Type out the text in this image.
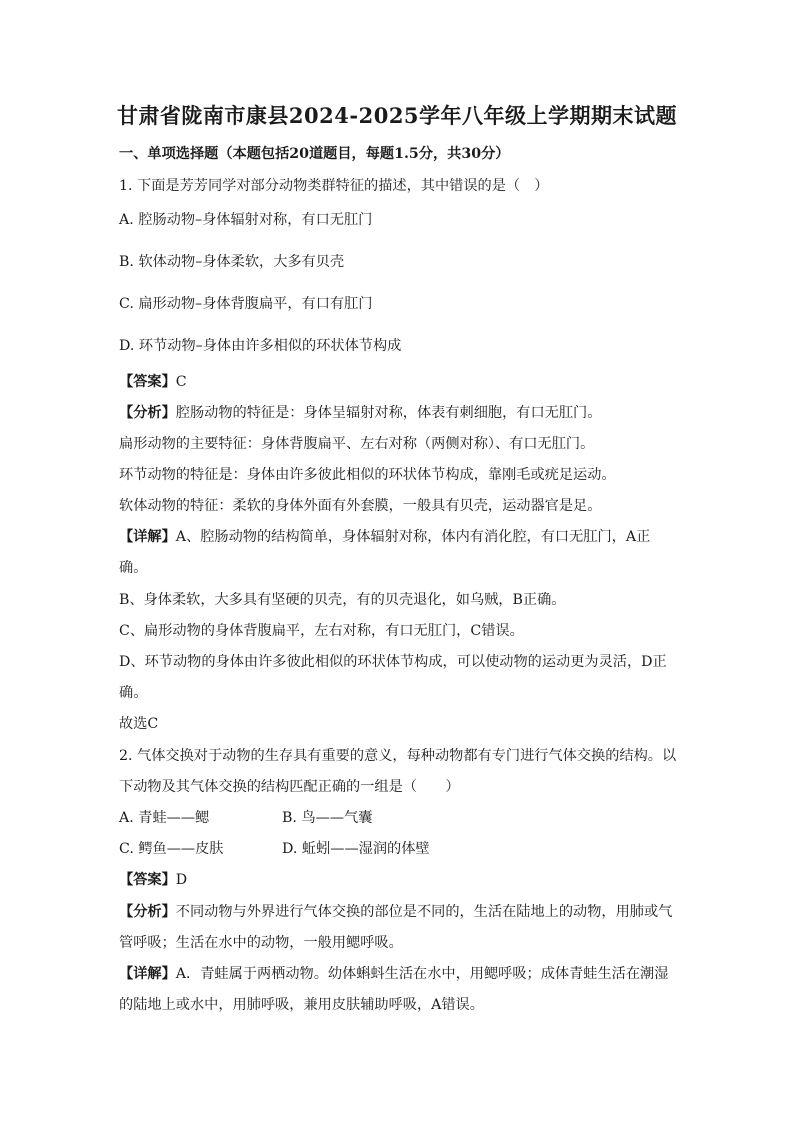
甘肃省陇南市康县2024-2025学年八年级上学期期末试题
一、单项选择题（本题包括20道题目，每题1.5分，共30分）
1. 下面是芳芳同学对部分动物类群特征的描述，其中错误的是（　）
A. 腔肠动物–身体辐射对称，有口无肛门
B. 软体动物–身体柔软，大多有贝壳
C. 扁形动物–身体背腹扁平，有口有肛门
D. 环节动物–身体由许多相似的环状体节构成
【答案】C
【分析】腔肠动物的特征是：身体呈辐射对称，体表有刺细胞，有口无肛门。
扁形动物的主要特征：身体背腹扁平、左右对称（两侧对称）、有口无肛门。
环节动物的特征是：身体由许多彼此相似的环状体节构成，靠刚毛或疣足运动。
软体动物的特征：柔软的身体外面有外套膜，一般具有贝壳，运动器官是足。
【详解】A、腔肠动物的结构简单，身体辐射对称，体内有消化腔，有口无肛门，A正
确。
B、身体柔软，大多具有坚硬的贝壳，有的贝壳退化，如乌贼，B正确。
C、扁形动物的身体背腹扁平，左右对称，有口无肛门，C错误。
D、环节动物的身体由许多彼此相似的环状体节构成，可以使动物的运动更为灵活，D正
确。
故选C
2. 气体交换对于动物的生存具有重要的意义，每种动物都有专门进行气体交换的结构。以
下动物及其气体交换的结构匹配正确的一组是（　　）
A. 青蛙——鳃	B. 鸟——气囊
C. 鳄鱼——皮肤	D. 蚯蚓——湿润的体壁
【答案】D
【分析】不同动物与外界进行气体交换的部位是不同的，生活在陆地上的动物，用肺或气
管呼吸；生活在水中的动物，一般用鳃呼吸。
【详解】A．青蛙属于两栖动物。幼体蝌蚪生活在水中，用鳃呼吸；成体青蛙生活在潮湿
的陆地上或水中，用肺呼吸，兼用皮肤辅助呼吸，A错误。
